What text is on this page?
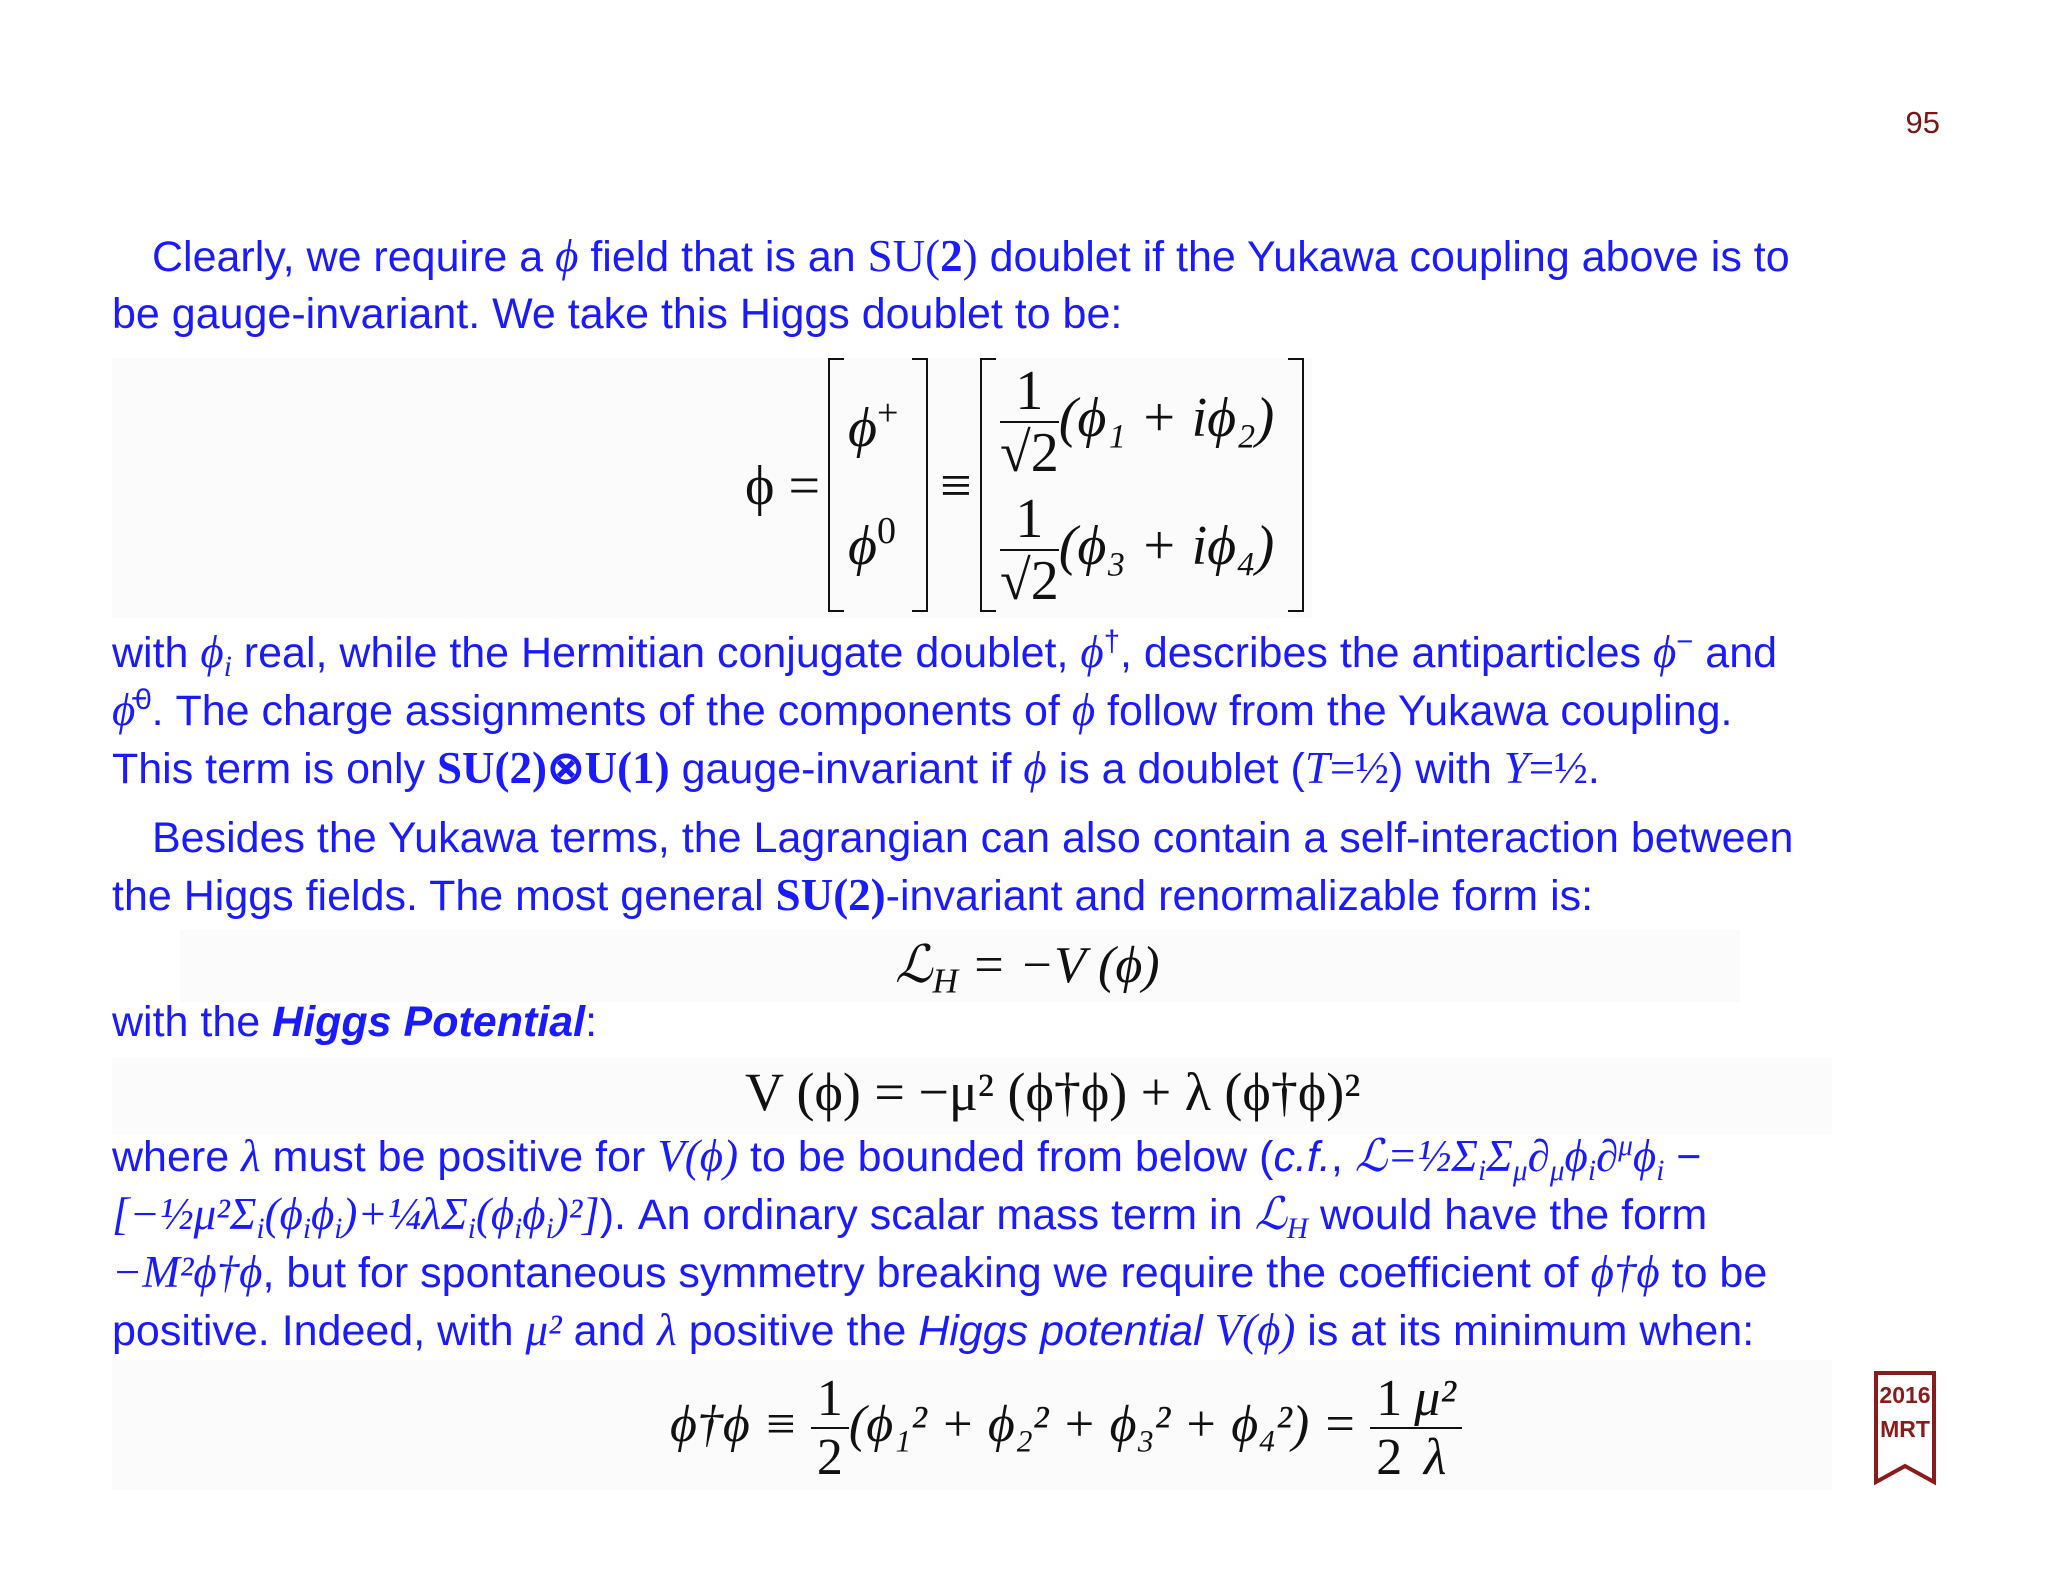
95
Clearly, we require a ϕ field that is an SU(2) doublet if the Yukawa coupling above is to
be gauge-invariant. We take this Higgs doublet to be:
ϕ =
ϕ+
$\phi^0$
≡
$\frac{1}{√2} (\phi_1 + i\phi_2)$
$\frac{1}{√2} (\phi_3 + i\phi_4)$
with $\phi_i$ real, while the Hermitian conjugate doublet, ϕ†, describes the antiparticles ϕ− and
ϕ̄$^0$. The charge assignments of the components of ϕ follow from the Yukawa coupling.
This term is only SU(2)⊗U(1) gauge-invariant if ϕ is a doublet (T=½) with Y=½.
Besides the Yukawa terms, the Lagrangian can also contain a self-interaction between
the Higgs fields. The most general SU(2)-invariant and renormalizable form is:
ℒ$_H$ = −V (ϕ)
with the Higgs Potential:
V (ϕ) = −μ² (ϕ†ϕ) + λ (ϕ†ϕ)²
where λ must be positive for V(ϕ) to be bounded from below (c.f., $ℒ=\frac{1}{2}\Sigma_i\Sigma_\mu\partial_\mu\phi_i\partial^\mu\phi_i$ −
$[-\frac{1}{2}\mu^2\Sigma_i(\phi_i\phi_i)+\frac{1}{4}\lambda\Sigma_i(\phi_i\phi_i)^2]$). An ordinary scalar mass term in ℒ$_H$ would have the form
−M²ϕ†ϕ, but for spontaneous symmetry breaking we require the coefficient of ϕ†ϕ to be
positive. Indeed, with μ² and λ positive the Higgs potential V(ϕ) is at its minimum when:
ϕ†ϕ ≡ $\frac{1}{2} (\phi_1^2 + \phi_2^2 + \phi_3^2 + \phi_4^2) = \frac{1}{2} \frac{\text{μ²}}{\lambda}$	2016
MRT
